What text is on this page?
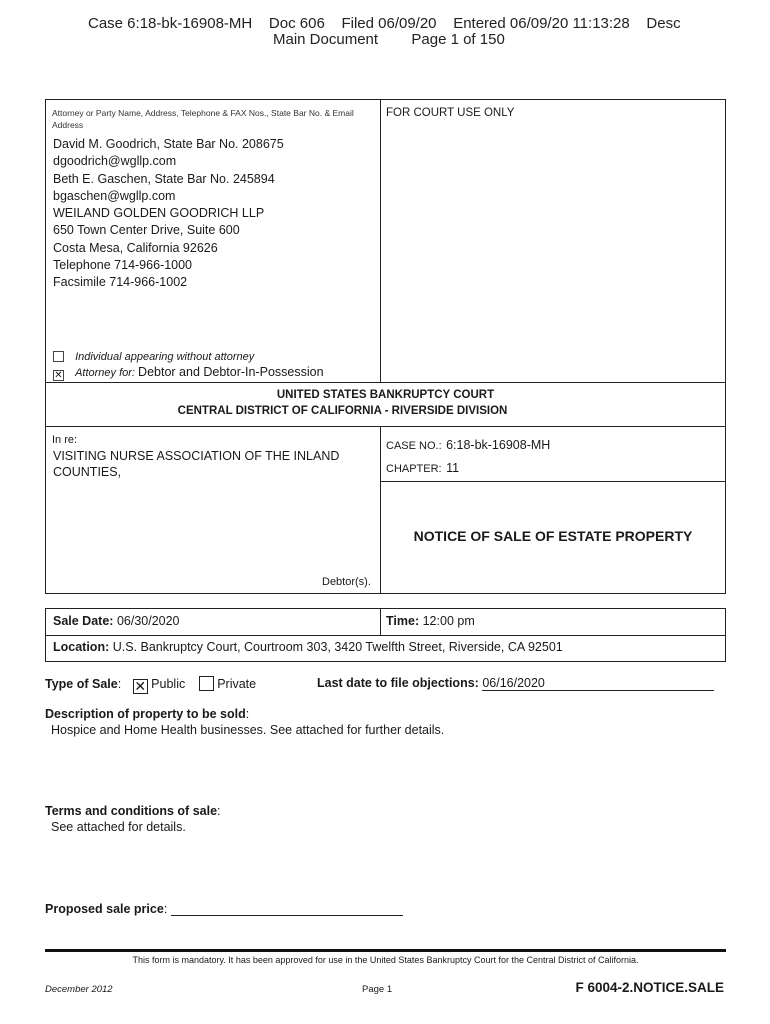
Case 6:18-bk-16908-MH    Doc 606    Filed 06/09/20    Entered 06/09/20 11:13:28    Desc
Main Document        Page 1 of 150
Attorney or Party Name, Address, Telephone & FAX Nos., State Bar No. & Email Address
David M. Goodrich, State Bar No. 208675
dgoodrich@wgllp.com
Beth E. Gaschen, State Bar No. 245894
bgaschen@wgllp.com
WEILAND GOLDEN GOODRICH LLP
650 Town Center Drive, Suite 600
Costa Mesa, California 92626
Telephone 714-966-1000
Facsimile 714-966-1002
Individual appearing without attorney
✕ Attorney for: Debtor and Debtor-In-Possession
FOR COURT USE ONLY
UNITED STATES BANKRUPTCY COURT
CENTRAL DISTRICT OF CALIFORNIA - RIVERSIDE DIVISION
In re:
VISITING NURSE ASSOCIATION OF THE INLAND
COUNTIES,
Debtor(s).
CASE NO.: 6:18-bk-16908-MH
CHAPTER: 11
NOTICE OF SALE OF ESTATE PROPERTY
Sale Date: 06/30/2020	Time: 12:00 pm
Location: U.S. Bankruptcy Court, Courtroom 303, 3420 Twelfth Street, Riverside, CA 92501
Type of Sale: ✕ Public	Private	Last date to file objections: 06/16/2020
Description of property to be sold:
Hospice and Home Health businesses. See attached for further details.
Terms and conditions of sale:
See attached for details.
Proposed sale price:
This form is mandatory. It has been approved for use in the United States Bankruptcy Court for the Central District of California.
December 2012	Page 1	F 6004-2.NOTICE.SALE
